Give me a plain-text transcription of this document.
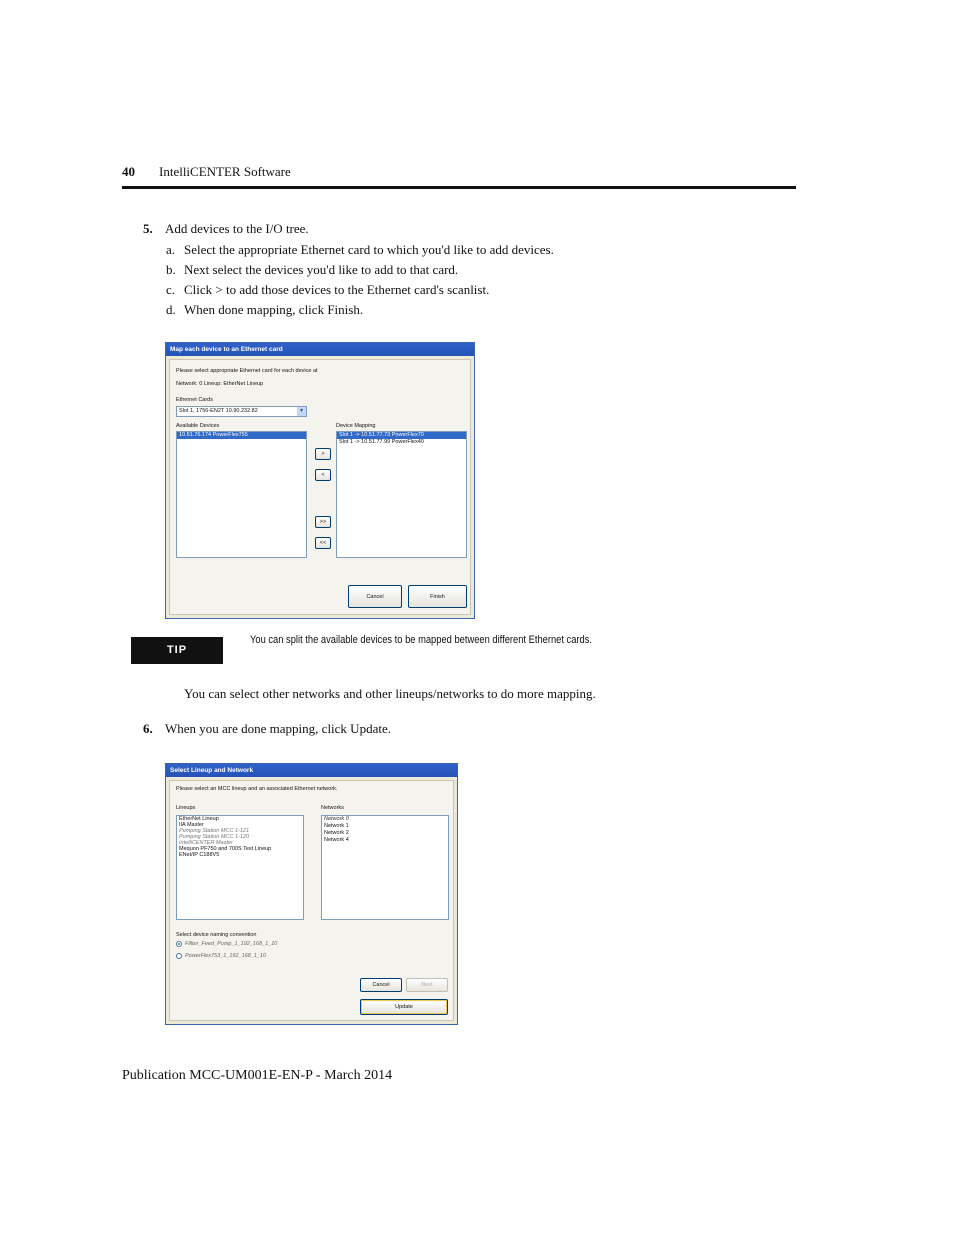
40 IntelliCENTER Software
5. Add devices to the I/O tree.
a. Select the appropriate Ethernet card to which you'd like to add devices.
b. Next select the devices you'd like to add to that card.
c. Click > to add those devices to the Ethernet card's scanlist.
d. When done mapping, click Finish.
Map each device to an Ethernet card
Please select appropriate Ethernet card for each device at
Network: 0 Lineup: EtherNet Lineup
Ethernet Cards
Slot 1, 1756-EN2T 10.90.232.82	▾
Available Devices
10.51.76.174 PowerFlex755
Device Mapping
Slot 1 -> 10.51.77.73 PowerFlex70
Slot 1 -> 10.51.77.99 PowerFlex40
>
<
>>
<<
Cancel	Finish
TIP
You can split the available devices to be mapped between different Ethernet cards.
You can select other networks and other lineups/networks to do more mapping.
6. When you are done mapping, click Update.
Select Lineup and Network
Please select an MCC lineup and an associated Ethernet network.
Lineups
EtherNet Lineup
IIA Master
Pumping Station MCC 1-121
Pumping Station MCC 1-120
IntelliCENTER Master
Mequon PF750 and 700S Test Lineup
ENet/IP C188V5
Networks
Network 0
Network 1
Network 2
Network 4
Select device naming convention
Fillter_Feed_Pump_1_192_168_1_10
PowerFlex753_1_192_168_1_10
Cancel	Next
Update
Publication MCC-UM001E-EN-P - March 2014
